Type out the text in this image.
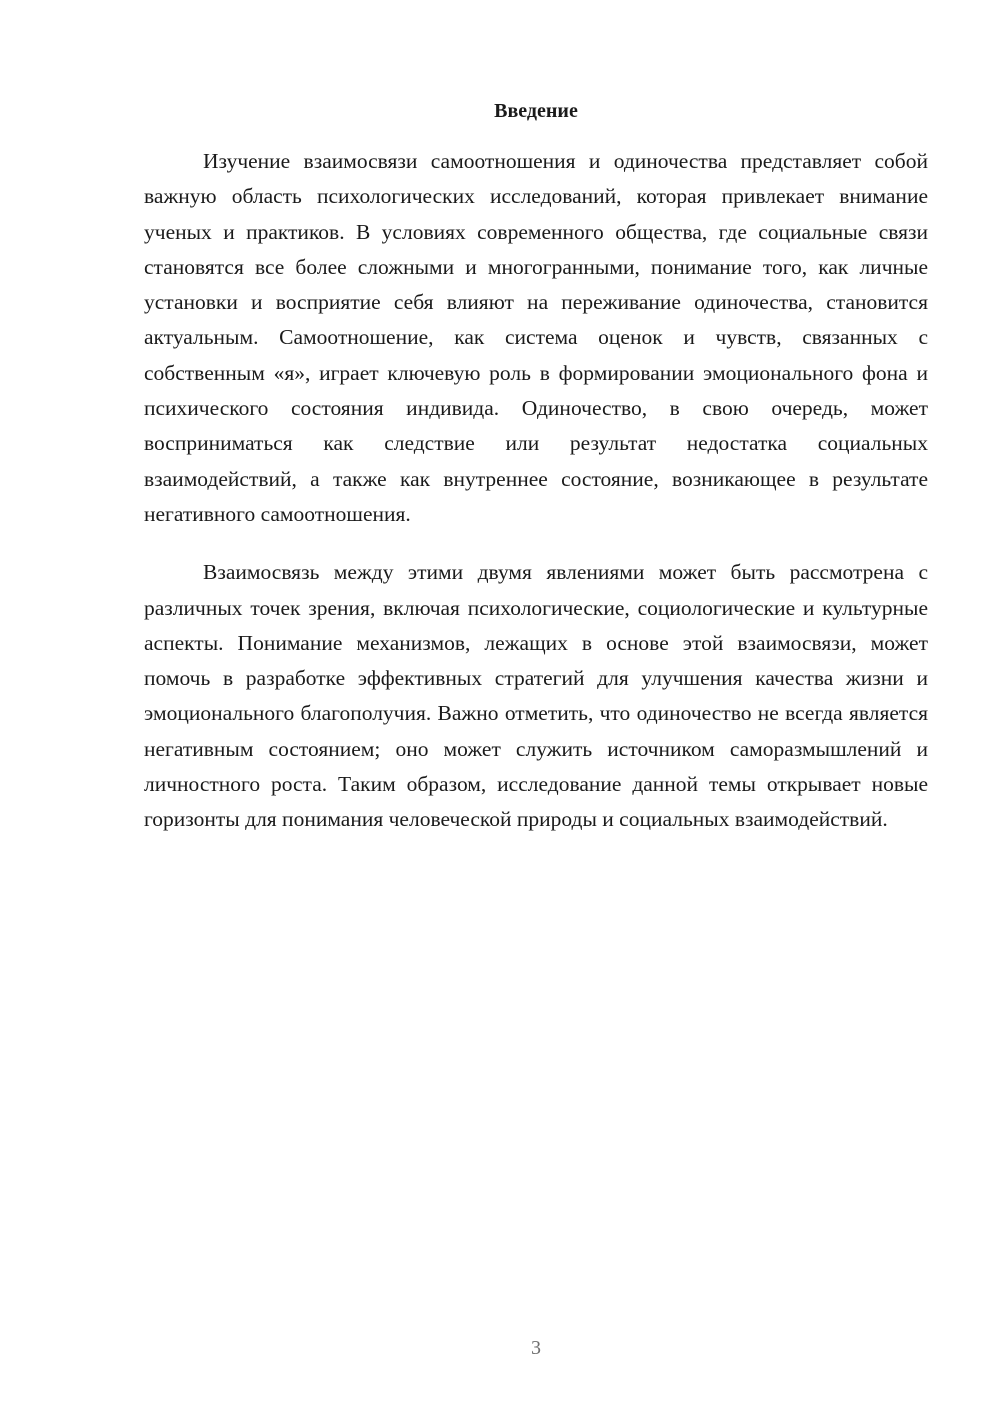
Введение

Изучение взаимосвязи самоотношения и одиночества представляет собой важную область психологических исследований, которая привлекает внимание ученых и практиков. В условиях современного общества, где социальные связи становятся все более сложными и многогранными, понимание того, как личные установки и восприятие себя влияют на переживание одиночества, становится актуальным. Самоотношение, как система оценок и чувств, связанных с собственным «я», играет ключевую роль в формировании эмоционального фона и психического состояния индивида. Одиночество, в свою очередь, может восприниматься как следствие или результат недостатка социальных взаимодействий, а также как внутреннее состояние, возникающее в результате негативного самоотношения.

Взаимосвязь между этими двумя явлениями может быть рассмотрена с различных точек зрения, включая психологические, социологические и культурные аспекты. Понимание механизмов, лежащих в основе этой взаимосвязи, может помочь в разработке эффективных стратегий для улучшения качества жизни и эмоционального благополучия. Важно отметить, что одиночество не всегда является негативным состоянием; оно может служить источником саморазмышлений и личностного роста. Таким образом, исследование данной темы открывает новые горизонты для понимания человеческой природы и социальных взаимодействий.

3
